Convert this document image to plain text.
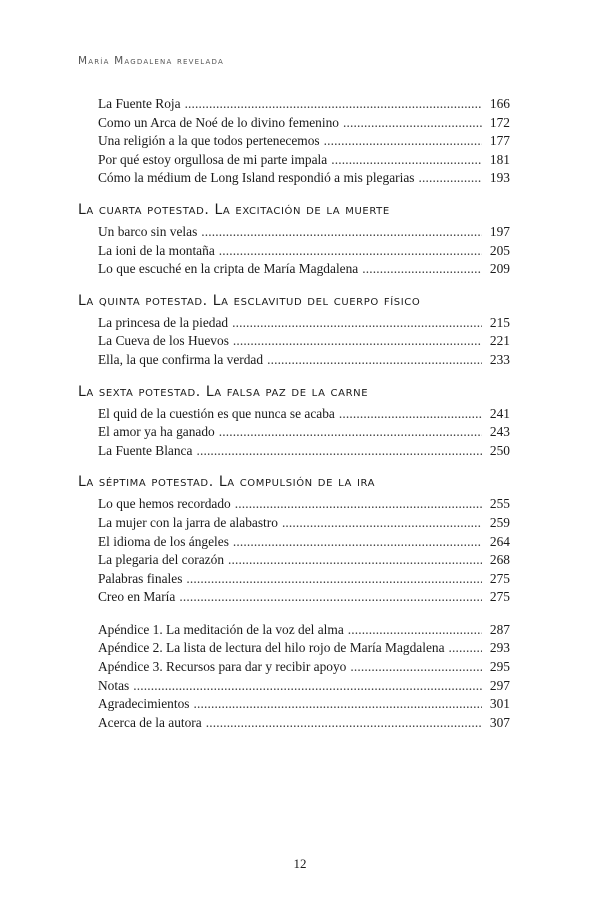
María Magdalena revelada
La Fuente Roja . . .	166
Como un Arca de Noé de lo divino femenino . . .	172
Una religión a la que todos pertenecemos . . .	177
Por qué estoy orgullosa de mi parte impala . . .	181
Cómo la médium de Long Island respondió a mis plegarias . . .	193
La cuarta potestad. La excitación de la muerte
Un barco sin velas . . .	197
La ioni de la montaña . . .	205
Lo que escuché en la cripta de María Magdalena . . .	209
La quinta potestad. La esclavitud del cuerpo físico
La princesa de la piedad . . .	215
La Cueva de los Huevos . . .	221
Ella, la que confirma la verdad . . .	233
La sexta potestad. La falsa paz de la carne
El quid de la cuestión es que nunca se acaba . . .	241
El amor ya ha ganado . . .	243
La Fuente Blanca . . .	250
La séptima potestad. La compulsión de la ira
Lo que hemos recordado . . .	255
La mujer con la jarra de alabastro . . .	259
El idioma de los ángeles . . .	264
La plegaria del corazón . . .	268
Palabras finales . . .	275
Creo en María . . .	275
Apéndice 1. La meditación de la voz del alma . . .	287
Apéndice 2. La lista de lectura del hilo rojo de María Magdalena . . .	293
Apéndice 3. Recursos para dar y recibir apoyo . . .	295
Notas . . .	297
Agradecimientos . . .	301
Acerca de la autora . . .	307
12
